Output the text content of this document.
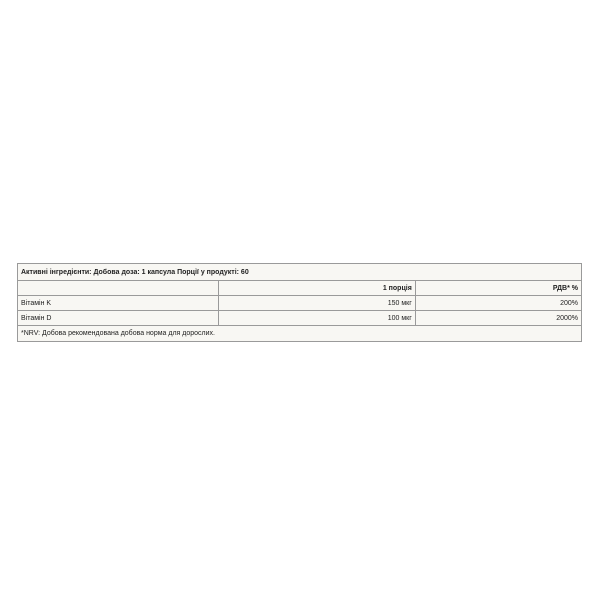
Активні інгредієнти: Добова доза: 1 капсула Порції у продукті: 60		
	1 порція	РДВ* %
Вітамін K	150 мкг	200%
Вітамін D	100 мкг	2000%
*NRV: Добова рекомендована добова норма для дорослих.		
